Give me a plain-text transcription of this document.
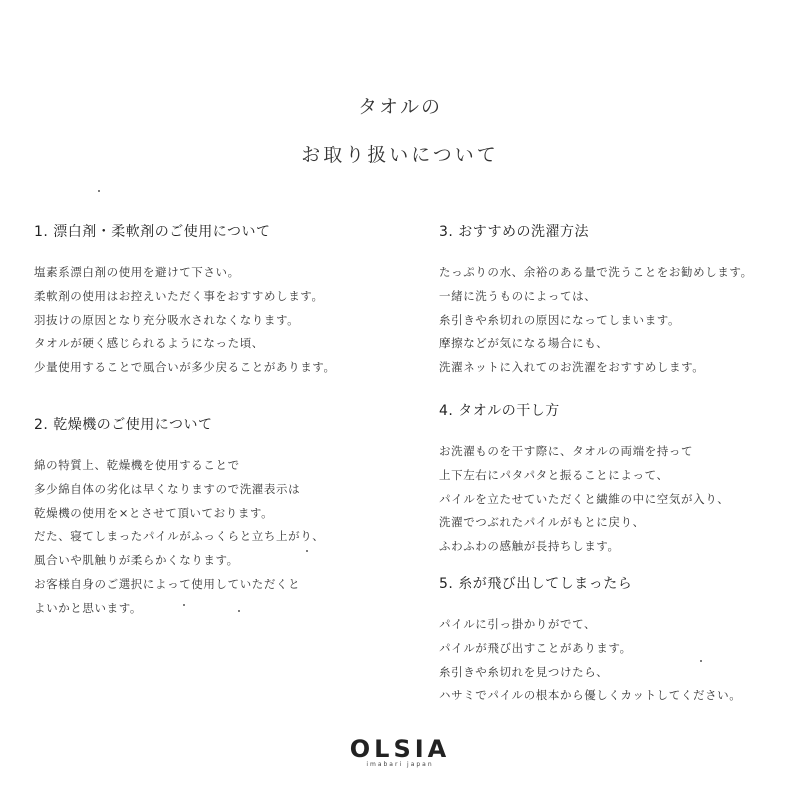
タオルの
お取り扱いについて
1. 漂白剤・柔軟剤のご使用について
塩素系漂白剤の使用を避けて下さい。
柔軟剤の使用はお控えいただく事をおすすめします。
羽抜けの原因となり充分吸水されなくなります。
タオルが硬く感じられるようになった頃、
少量使用することで風合いが多少戻ることがあります。
2. 乾燥機のご使用について
綿の特質上、乾燥機を使用することで
多少綿自体の劣化は早くなりますので洗濯表示は
乾燥機の使用を×とさせて頂いております。
だた、寝てしまったパイルがふっくらと立ち上がり、
風合いや肌触りが柔らかくなります。
お客様自身のご選択によって使用していただくと
よいかと思います。
3. おすすめの洗濯方法
たっぷりの水、余裕のある量で洗うことをお勧めします。
一緒に洗うものによっては、
糸引きや糸切れの原因になってしまいます。
摩擦などが気になる場合にも、
洗濯ネットに入れてのお洗濯をおすすめします。
4. タオルの干し方
お洗濯ものを干す際に、タオルの両端を持って
上下左右にパタパタと振ることによって、
パイルを立たせていただくと繊維の中に空気が入り、
洗濯でつぶれたパイルがもとに戻り、
ふわふわの感触が長持ちします。
5. 糸が飛び出してしまったら
パイルに引っ掛かりがでて、
パイルが飛び出すことがあります。
糸引きや糸切れを見つけたら、
ハサミでパイルの根本から優しくカットしてください。
OLSIA
imabari japan
